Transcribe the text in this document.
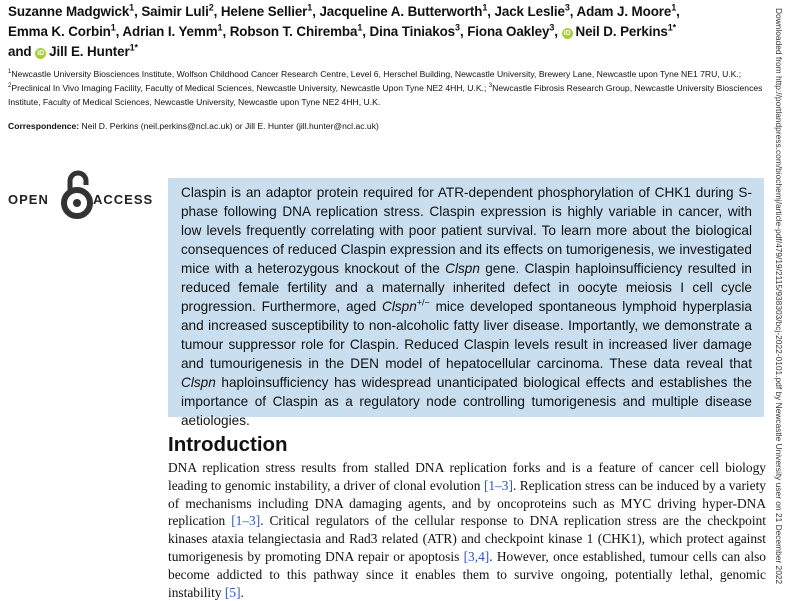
Suzanne Madgwick$^1$, Saimir Luli$^2$, Helene Sellier$^1$, Jacqueline A. Butterworth$^1$, Jack Leslie$^3$, Adam J. Moore$^1$,
Emma K. Corbin$^1$, Adrian I. Yemm$^1$, Robson T. Chiremba$^1$, Dina Tiniakos$^3$, Fiona Oakley$^3$, iD Neil D. Perkins$^{1*}$
and iD Jill E. Hunter$^{1*}$
$^1$Newcastle University Biosciences Institute, Wolfson Childhood Cancer Research Centre, Level 6, Herschel Building, Newcastle University, Brewery Lane, Newcastle upon Tyne NE1 7RU, U.K.; $^2$Preclinical In Vivo Imaging Facility, Faculty of Medical Sciences, Newcastle University, Newcastle Upon Tyne NE2 4HH, U.K.; $^3$Newcastle Fibrosis Research Group, Newcastle University Biosciences Institute, Faculty of Medical Sciences, Newcastle University, Newcastle upon Tyne NE2 4HH, U.K.
Correspondence: Neil D. Perkins (neil.perkins@ncl.ac.uk) or Jill E. Hunter (jill.hunter@ncl.ac.uk)
OPEN	ACCESS Claspin is an adaptor protein required for ATR-dependent phosphorylation of CHK1 during S-phase following DNA replication stress. Claspin expression is highly variable in cancer, with low levels frequently correlating with poor patient survival. To learn more about the biological consequences of reduced Claspin expression and its effects on tumorigenesis, we investigated mice with a heterozygous knockout of the Clspn gene. Claspin haploinsufficiency resulted in reduced female fertility and a maternally inherited defect in oocyte meiosis I cell cycle progression. Furthermore, aged Clspn+/− mice developed spontaneous lymphoid hyperplasia and increased susceptibility to non-alcoholic fatty liver disease. Importantly, we demonstrate a tumour suppressor role for Claspin. Reduced Claspin levels result in increased liver damage and tumourigenesis in the DEN model of hepatocellular carcinoma. These data reveal that Clspn haploinsufficiency has widespread unanticipated biological effects and establishes the importance of Claspin as a regulatory node controlling tumorigenesis and multiple disease aetiologies.

Introduction

DNA replication stress results from stalled DNA replication forks and is a feature of cancer cell biology leading to genomic instability, a driver of clonal evolution [1–3]. Replication stress can be induced by a variety of mechanisms including DNA damaging agents, and by oncoproteins such as MYC driving hyper-DNA replication [1–3]. Critical regulators of the cellular response to DNA replication stress are the checkpoint kinases ataxia telangiectasia and Rad3 related (ATR) and checkpoint kinase 1 (CHK1), which protect against tumorigenesis by promoting DNA repair or apoptosis [3,4]. However, once established, tumour cells can also become addicted to this pathway since it enables them to survive ongoing, potentially lethal, genomic instability [5].

Downloaded from http://portlandpress.com/biochemj/article-pdf/479/19/2115/938303/bcj-2022-0101.pdf by Newcastle University user on 21 December 2022
